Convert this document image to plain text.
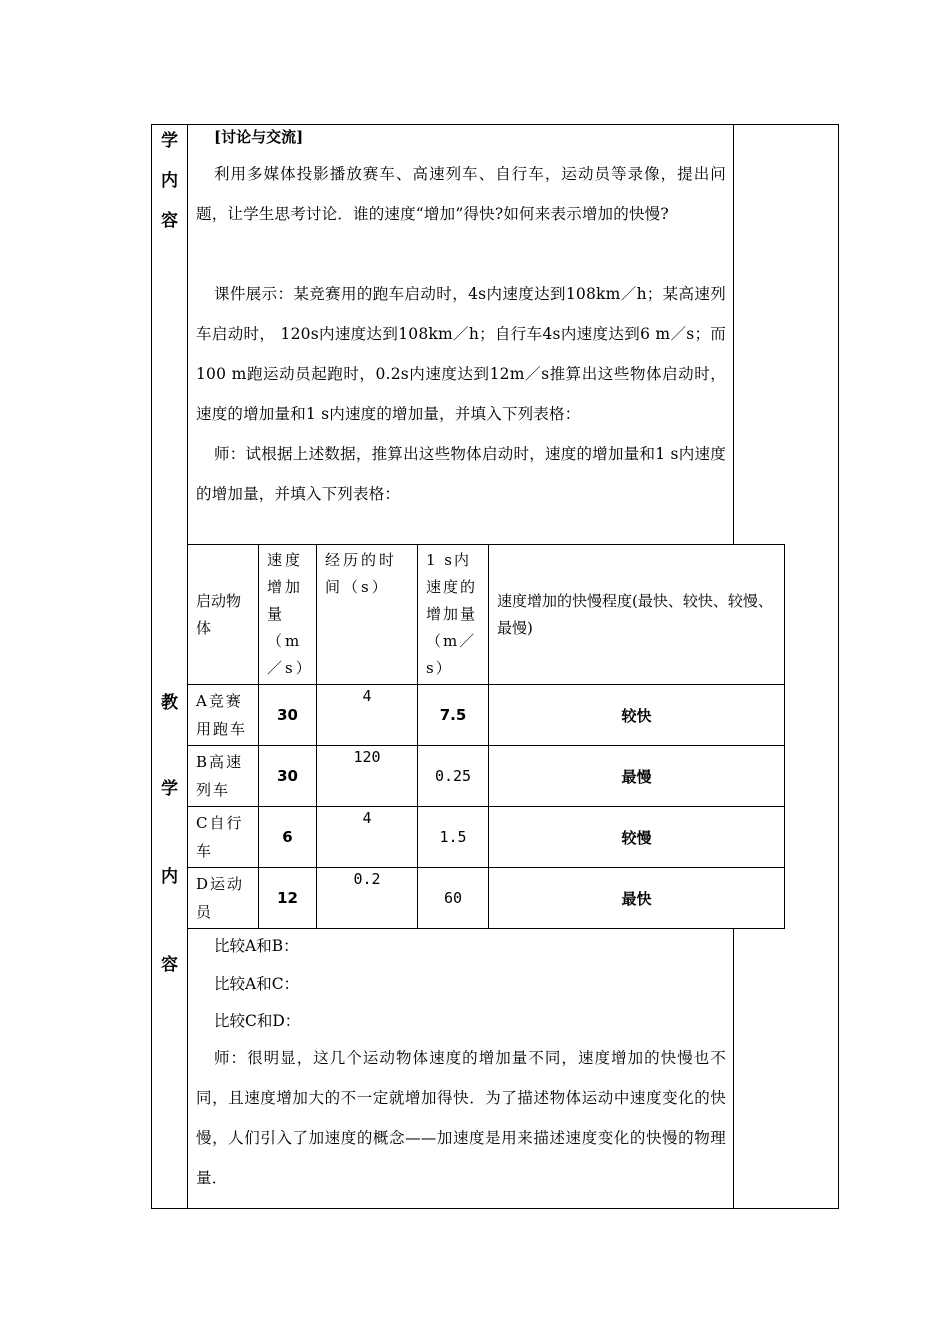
学
内
容
教
学
内
容
[讨论与交流]
利用多媒体投影播放赛车、高速列车、自行车，运动员等录像，提出问题，让学生思考讨论．谁的速度“增加”得快?如何来表示增加的快慢?
课件展示：某竞赛用的跑车启动时，4s内速度达到108km／h；某高速列车启动时， 120s内速度达到108km／h；自行车4s内速度达到6 m／s；而100 m跑运动员起跑时，0.2s内速度达到12m／s推算出这些物体启动时，速度的增加量和1 s内速度的增加量，并填入下列表格：
师：试根据上述数据，推算出这些物体启动时，速度的增加量和1 s内速度的增加量，并填入下列表格：
启动物体	速度增加量（m／s）	经历的时间（s）	1 s内速度的增加量（m／s）	速度增加的快慢程度(最快、较快、较慢、最慢)
A竞赛用跑车	30	4	7.5	较快
B高速列车	30	120	0.25	最慢
C自行车	6	4	1.5	较慢
D运动员	12	0.2	60	最快
比较A和B：
比较A和C：
比较C和D：
师：很明显，这几个运动物体速度的增加量不同，速度增加的快慢也不同，且速度增加大的不一定就增加得快．为了描述物体运动中速度变化的快慢，人们引入了加速度的概念——加速度是用来描述速度变化的快慢的物理量．
